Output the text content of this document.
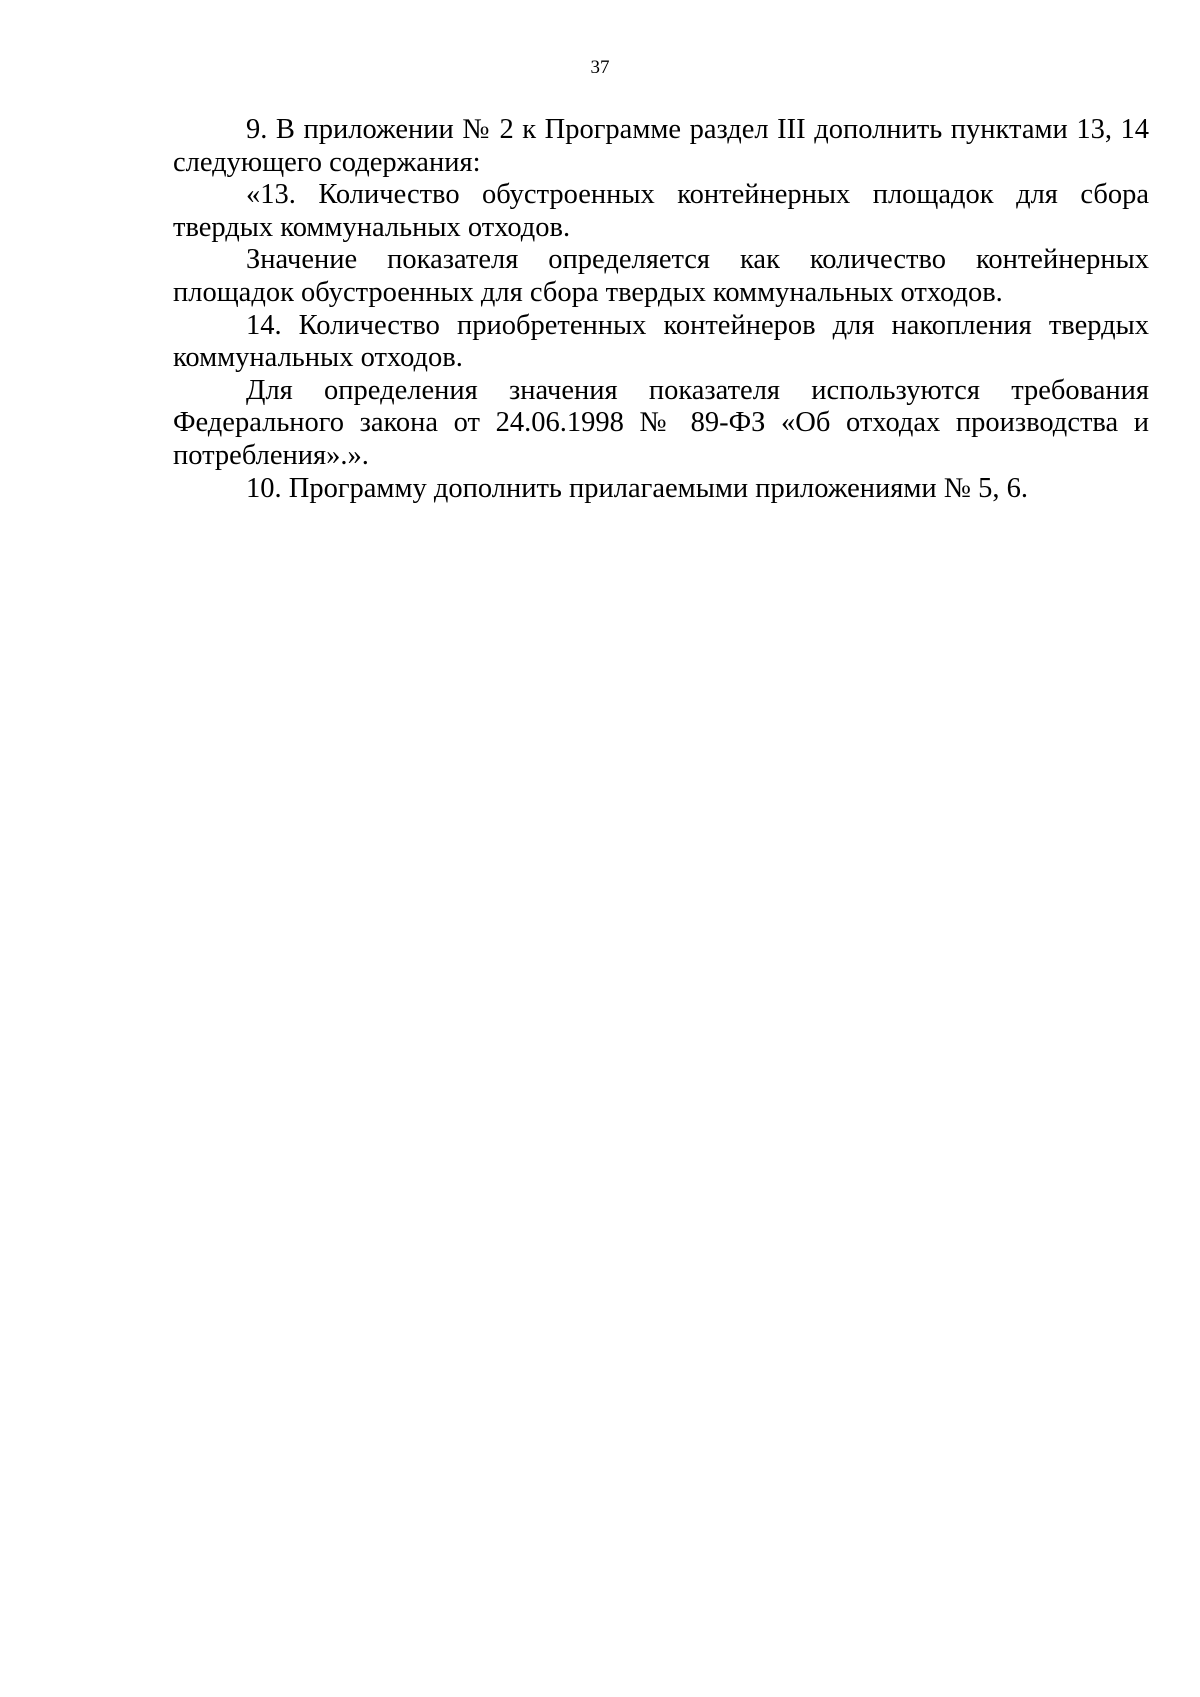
37

9. В приложении № 2 к Программе раздел III дополнить пунктами 13, 14 следующего содержания:

«13. Количество обустроенных контейнерных площадок для сбора твердых коммунальных отходов.

Значение показателя определяется как количество контейнерных площадок обустроенных для сбора твердых коммунальных отходов.

14. Количество приобретенных контейнеров для накопления твердых коммунальных отходов.

Для определения значения показателя используются требования Федерального закона от 24.06.1998 № 89-ФЗ «Об отходах производства и потребления».».

10. Программу дополнить прилагаемыми приложениями № 5, 6.
